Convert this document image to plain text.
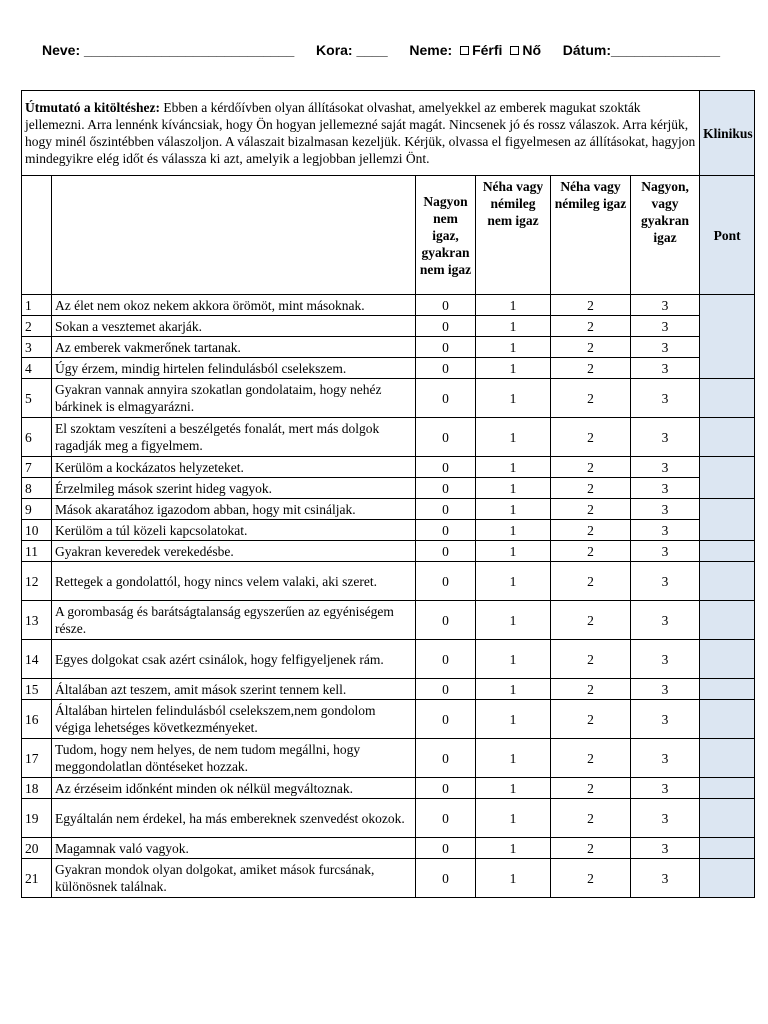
Neve: ___________________________ Kora: ____ Neme: Férfi Nő Dátum:______________
Útmutató a kitöltéshez: Ebben a kérdőívben olyan állításokat olvashat, amelyekkel az emberek magukat szokták jellemezni. Arra lennénk kíváncsiak, hogy Ön hogyan jellemezné saját magát. Nincsenek jó és rossz válaszok. Arra kérjük, hogy minél őszintébben válaszoljon. A válaszait bizalmasan kezeljük. Kérjük, olvassa el figyelmesen az állításokat, hagyjon mindegyikre elég időt és válassza ki azt, amelyik a legjobban jellemzi Önt.						Klinikus
		Nagyon nem igaz, gyakran nem igaz	Néha vagy némileg nem igaz	Néha vagy némileg igaz	Nagyon, vagy gyakran igaz	Pont
1	Az élet nem okoz nekem akkora örömöt, mint másoknak.	0	1	2	3	
2	Sokan a vesztemet akarják.	0	1	2	3	
3	Az emberek vakmerőnek tartanak.	0	1	2	3	
4	Úgy érzem, mindig hirtelen felindulásból cselekszem.	0	1	2	3	
5	Gyakran vannak annyira szokatlan gondolataim, hogy nehéz bárkinek is elmagyarázni.	0	1	2	3	
6	El szoktam veszíteni a beszélgetés fonalát, mert más dolgok ragadják meg a figyelmem.	0	1	2	3	
7	Kerülöm a kockázatos helyzeteket.	0	1	2	3	
8	Érzelmileg mások szerint hideg vagyok.	0	1	2	3	
9	Mások akaratához igazodom abban, hogy mit csináljak.	0	1	2	3	
10	Kerülöm a túl közeli kapcsolatokat.	0	1	2	3	
11	Gyakran keveredek verekedésbe.	0	1	2	3	
12	Rettegek a gondolattól, hogy nincs velem valaki, aki szeret.	0	1	2	3	
13	A gorombaság és barátságtalanság egyszerűen az egyéniségem része.	0	1	2	3	
14	Egyes dolgokat csak azért csinálok, hogy felfigyeljenek rám.	0	1	2	3	
15	Általában azt teszem, amit mások szerint tennem kell.	0	1	2	3	
16	Általában hirtelen felindulásból cselekszem,nem gondolom végiga lehetséges következményeket.	0	1	2	3	
17	Tudom, hogy nem helyes, de nem tudom megállni, hogy meggondolatlan döntéseket hozzak.	0	1	2	3	
18	Az érzéseim időnként minden ok nélkül megváltoznak.	0	1	2	3	
19	Egyáltalán nem érdekel, ha más embereknek szenvedést okozok.	0	1	2	3	
20	Magamnak való vagyok.	0	1	2	3	
21	Gyakran mondok olyan dolgokat, amiket mások furcsának, különösnek találnak.	0	1	2	3	
